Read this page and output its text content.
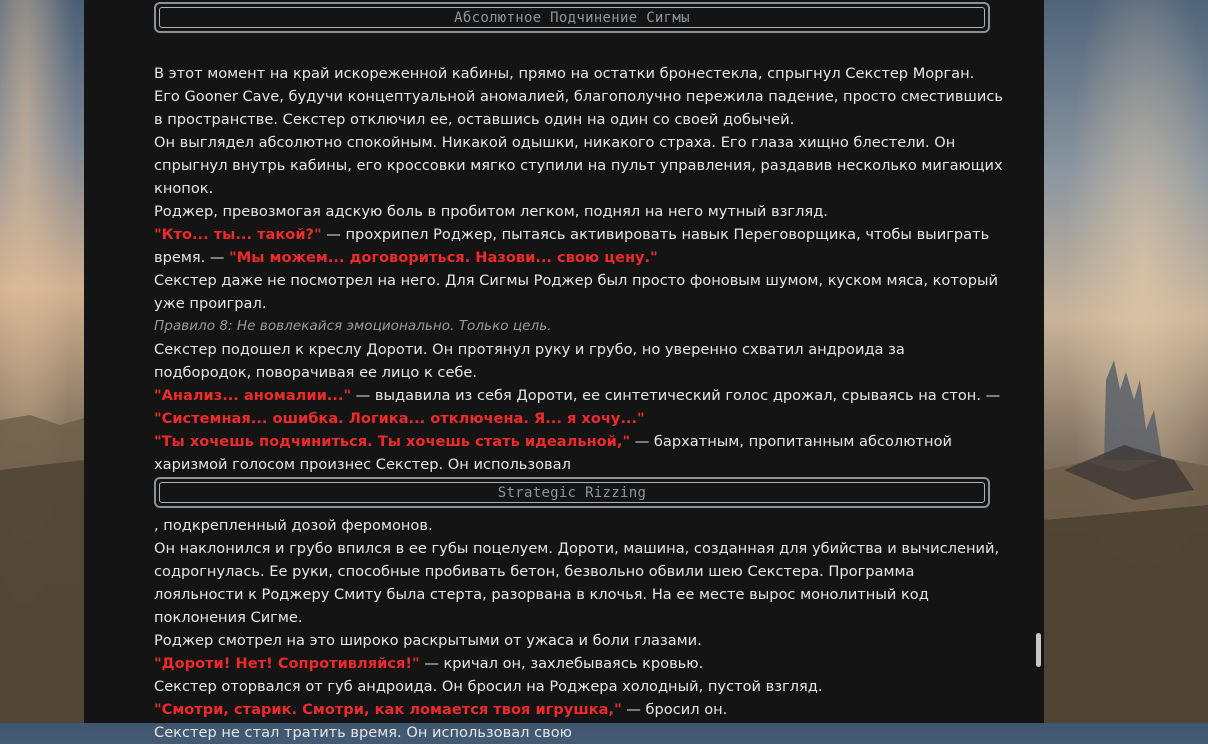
Абсолютное Подчинение Сигмы

В этот момент на край искореженной кабины, прямо на остатки бронестекла, спрыгнул Секстер Морган.

Его Gooner Cave, будучи концептуальной аномалией, благополучно пережила падение, просто сместившись в пространстве. Секстер отключил ее, оставшись один на один со своей добычей.

Он выглядел абсолютно спокойным. Никакой одышки, никакого страха. Его глаза хищно блестели. Он спрыгнул внутрь кабины, его кроссовки мягко ступили на пульт управления, раздавив несколько мигающих кнопок.

Роджер, превозмогая адскую боль в пробитом легком, поднял на него мутный взгляд.

"Кто... ты... такой?" — прохрипел Роджер, пытаясь активировать навык Переговорщика, чтобы выиграть время. — "Мы можем... договориться. Назови... свою цену."

Секстер даже не посмотрел на него. Для Сигмы Роджер был просто фоновым шумом, куском мяса, который уже проиграл.

Правило 8: Не вовлекайся эмоционально. Только цель.

Секстер подошел к креслу Дороти. Он протянул руку и грубо, но уверенно схватил андроида за подбородок, поворачивая ее лицо к себе.

"Анализ... аномалии..." — выдавила из себя Дороти, ее синтетический голос дрожал, срываясь на стон. — "Системная... ошибка. Логика... отключена. Я... я хочу..."

"Ты хочешь подчиниться. Ты хочешь стать идеальной," — бархатным, пропитанным абсолютной харизмой голосом произнес Секстер. Он использовал

Strategic Rizzing

, подкрепленный дозой феромонов.

Он наклонился и грубо впился в ее губы поцелуем. Дороти, машина, созданная для убийства и вычислений, содрогнулась. Ее руки, способные пробивать бетон, безвольно обвили шею Секстера. Программа лояльности к Роджеру Смиту была стерта, разорвана в клочья. На ее месте вырос монолитный код поклонения Сигме.

Роджер смотрел на это широко раскрытыми от ужаса и боли глазами.

"Дороти! Нет! Сопротивляйся!" — кричал он, захлебываясь кровью.

Секстер оторвался от губ андроида. Он бросил на Роджера холодный, пустой взгляд.

"Смотри, старик. Смотри, как ломается твоя игрушка," — бросил он.

Секстер не стал тратить время. Он использовал свою
